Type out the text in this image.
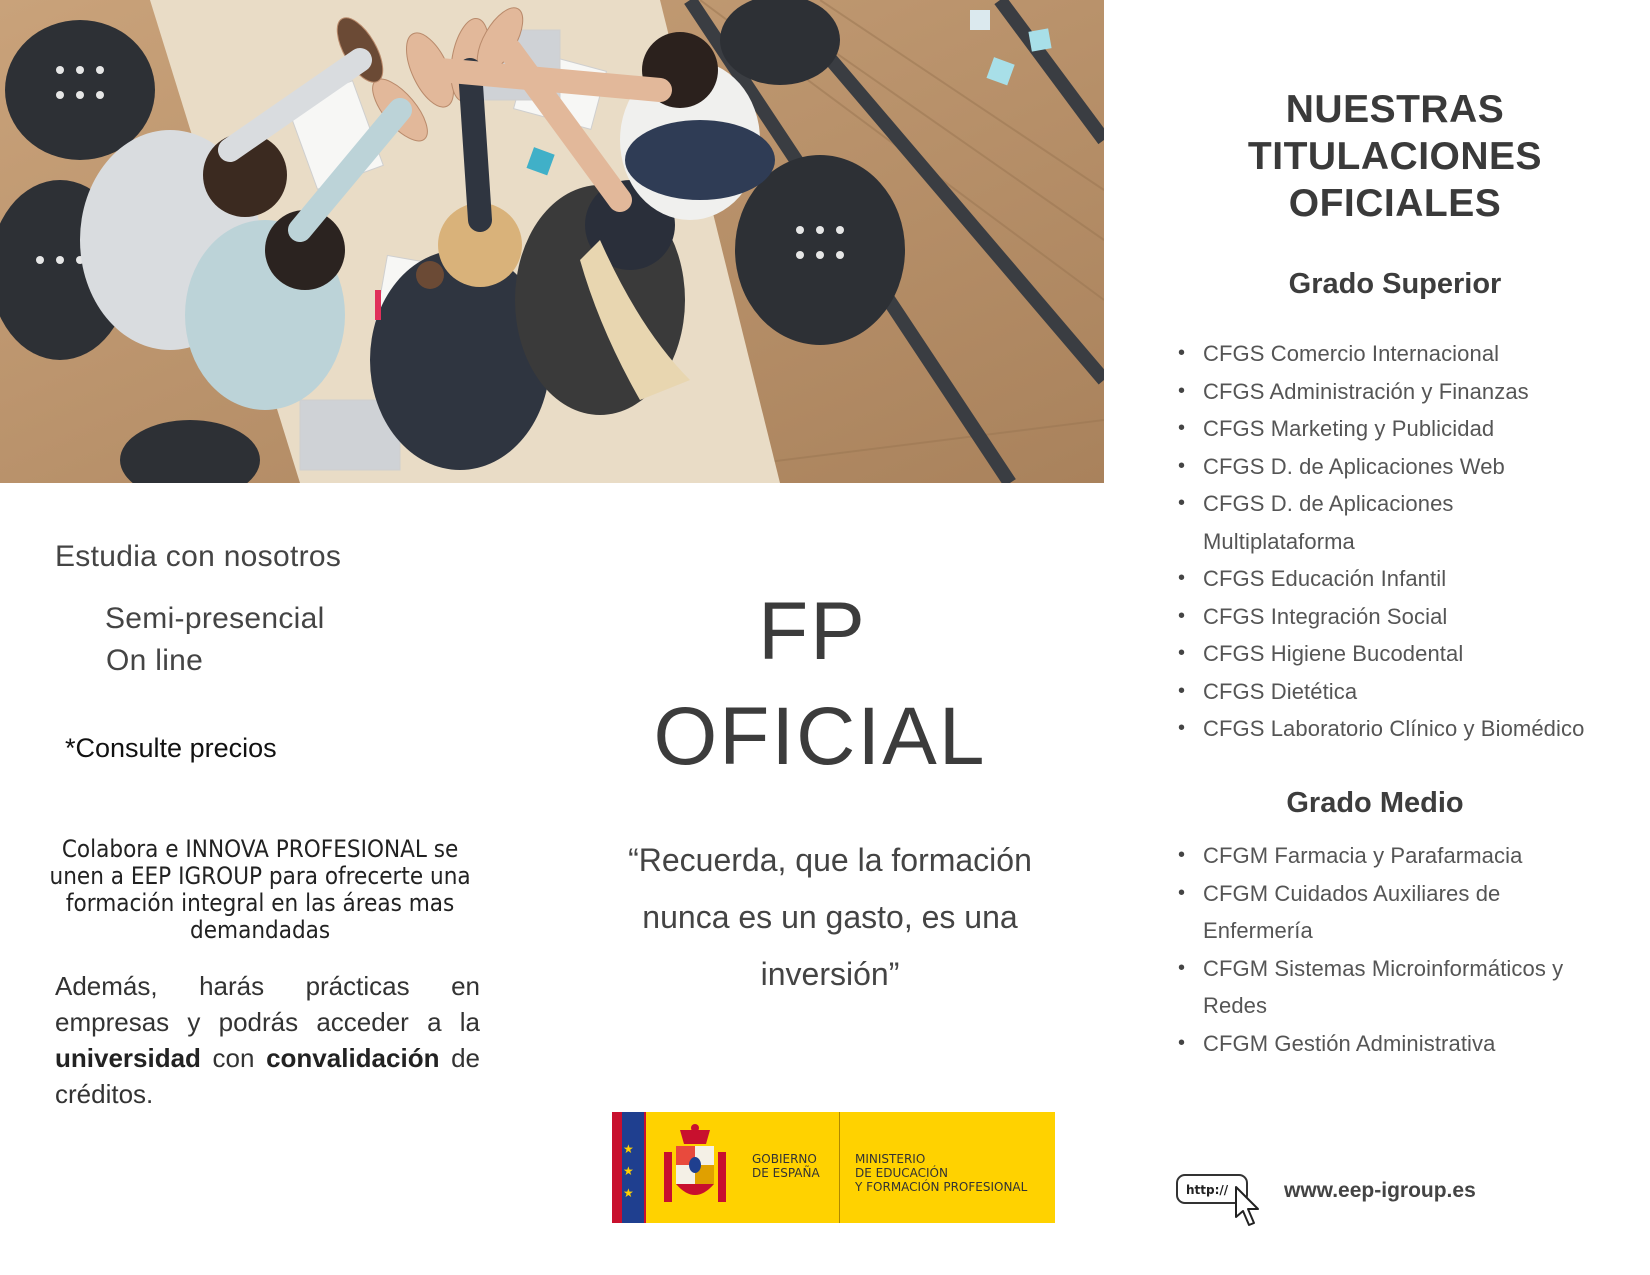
Estudia con nosotros
Semi-presencial
On line
*Consulte precios
Colabora e INNOVA PROFESIONAL se unen a EEP IGROUP para ofrecerte una formación integral en las áreas mas demandadas
Además, harás prácticas en empresas y podrás acceder a la universidad con convalidación de créditos.
FP
OFICIAL
“Recuerda, que la formación nunca es un gasto, es una inversión”
★
★
★
GOBIERNO
DE ESPAÑA
MINISTERIO
DE EDUCACIÓN
Y FORMACIÓN PROFESIONAL
NUESTRAS
TITULACIONES
OFICIALES
Grado Superior
• CFGS Comercio Internacional
• CFGS Administración y Finanzas
• CFGS Marketing y Publicidad
• CFGS D. de Aplicaciones Web
• CFGS D. de Aplicaciones Multiplataforma
• CFGS Educación Infantil
• CFGS Integración Social
• CFGS Higiene Bucodental
• CFGS Dietética
• CFGS Laboratorio Clínico y Biomédico
Grado Medio
• CFGM Farmacia y Parafarmacia
• CFGM Cuidados Auxiliares de Enfermería
• CFGM Sistemas Microinformáticos y Redes
• CFGM Gestión Administrativa
http://	www.eep-igroup.es
